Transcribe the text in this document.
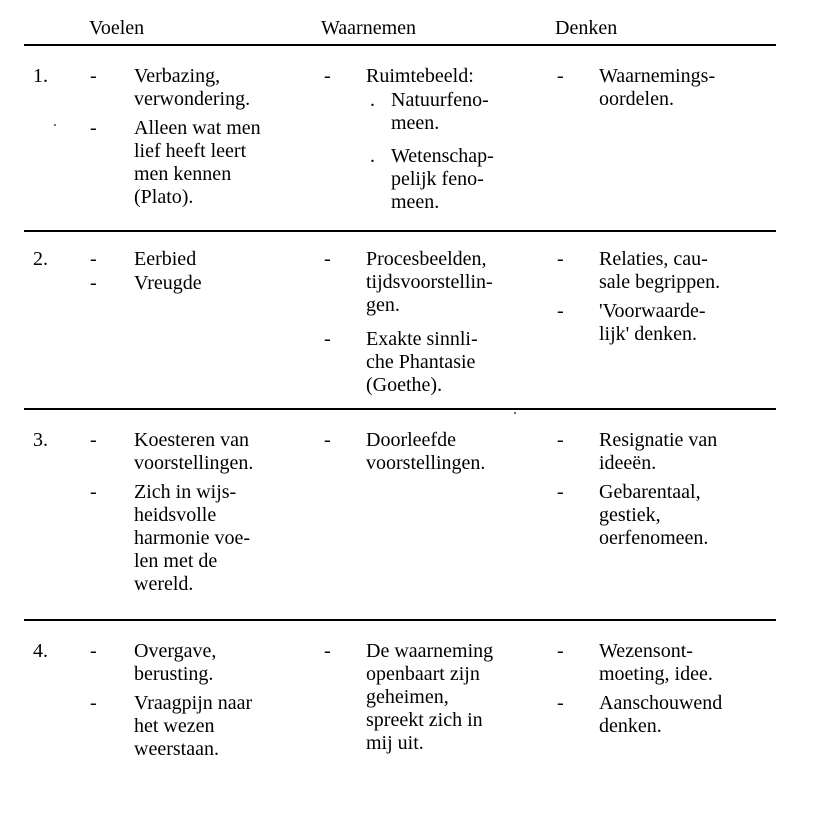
Voelen	Waarnemen	Denken
1. - Verbazing,
verwondering.
- Alleen wat men
lief heeft leert
men kennen
(Plato).
- Ruimtebeeld:
. Natuurfeno-
meen.
. Wetenschap-
pelijk feno-
meen.
- Waarnemings-
oordelen.
2. - Eerbied
- Vreugde
- Procesbeelden,
tijdsvoorstellin-
gen.
- Exakte sinnli-
che Phantasie
(Goethe).
- Relaties, cau-
sale begrippen.
- 'Voorwaarde-
lijk' denken.
3. - Koesteren van
voorstellingen.
- Zich in wijs-
heidsvolle
harmonie voe-
len met de
wereld.
- Doorleefde
voorstellingen.
- Resignatie van
ideeën.
- Gebarentaal,
gestiek,
oerfenomeen.
4. - Overgave,
berusting.
- Vraagpijn naar
het wezen
weerstaan.
- De waarneming
openbaart zijn
geheimen,
spreekt zich in
mij uit.
- Wezensont-
moeting, idee.
- Aanschouwend
denken.
